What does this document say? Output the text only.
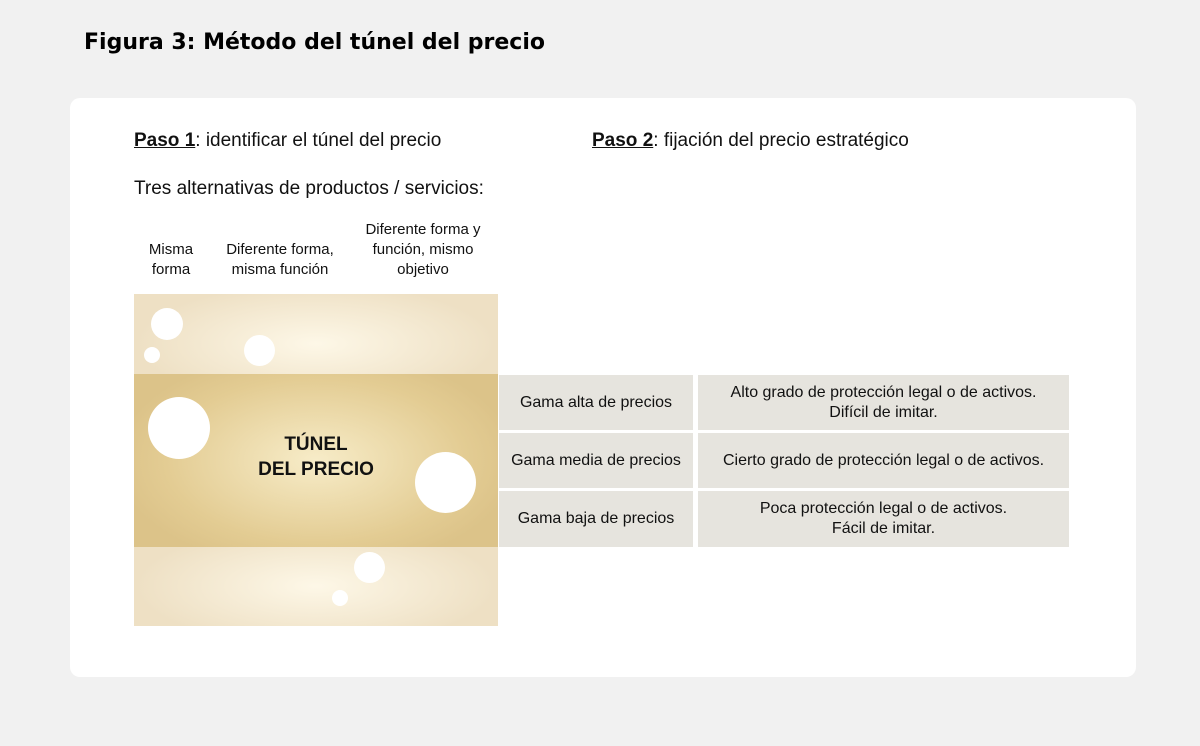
Figura 3: Método del túnel del precio
Paso 1: identificar el túnel del precio	Paso 2: fijación del precio estratégico
Tres alternativas de productos / servicios:
Misma
forma
Diferente forma,
misma función
Diferente forma y
función, mismo
objetivo
TÚNEL
DEL PRECIO
Gama alta de precios
Alto grado de protección legal o de activos.
Difícil de imitar.
Gama media de precios	Cierto grado de protección legal o de activos.
Gama baja de precios
Poca protección legal o de activos.
Fácil de imitar.
